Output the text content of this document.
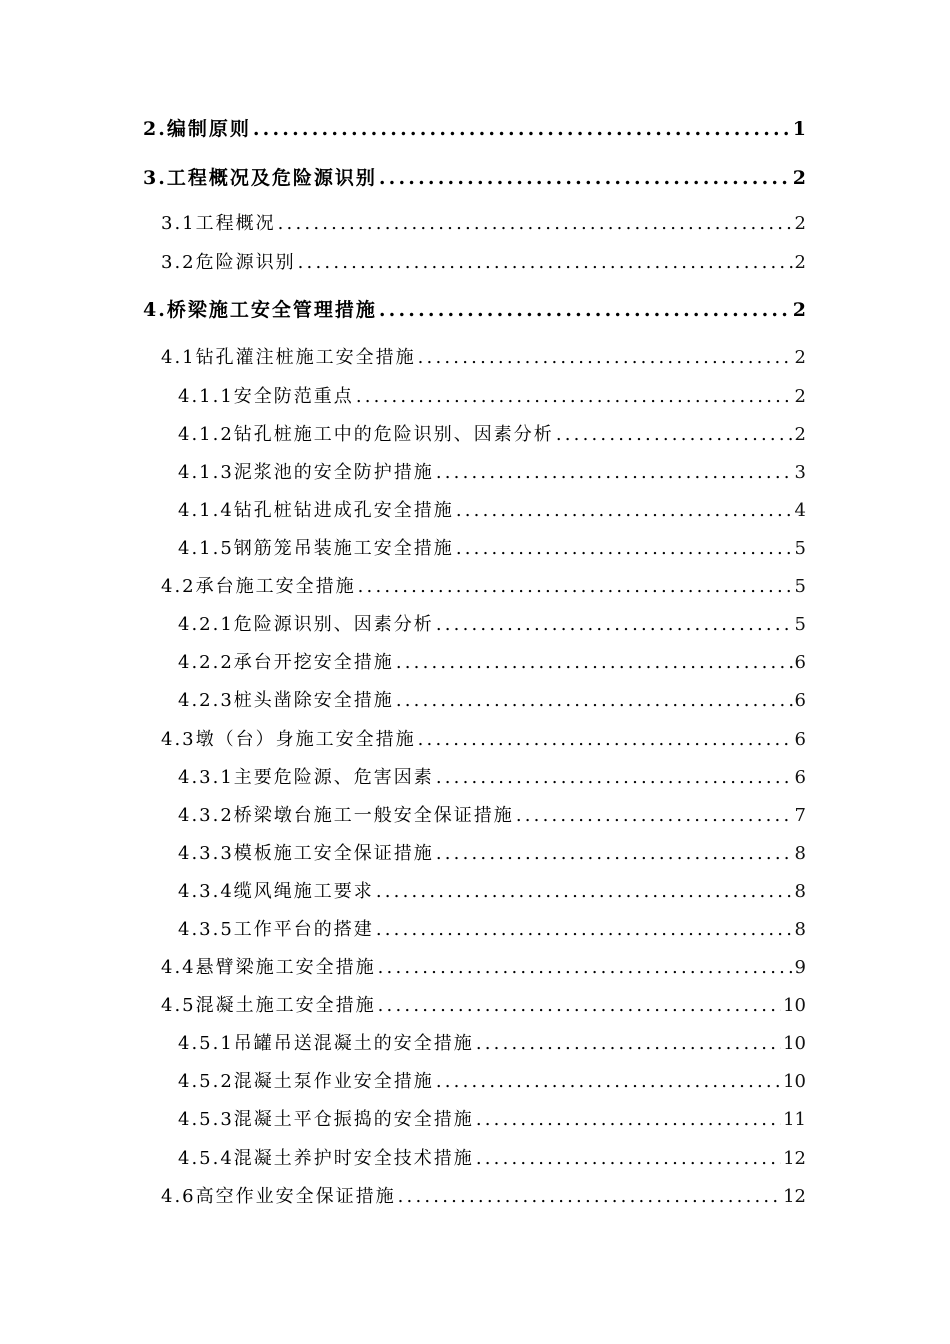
2.编制原则 .....	1
3.工程概况及危险源识别 .....	2
3.1工程概况 .....	2
3.2危险源识别 .....	2
4.桥梁施工安全管理措施 .....	2
4.1钻孔灌注桩施工安全措施 .....	2
4.1.1安全防范重点 .....	2
4.1.2钻孔桩施工中的危险识别、因素分析 .....	2
4.1.3泥浆池的安全防护措施 .....	3
4.1.4钻孔桩钻进成孔安全措施 .....	4
4.1.5钢筋笼吊装施工安全措施 .....	5
4.2承台施工安全措施 .....	5
4.2.1危险源识别、因素分析 .....	5
4.2.2承台开挖安全措施 .....	6
4.2.3桩头凿除安全措施 .....	6
4.3墩（台）身施工安全措施 .....	6
4.3.1主要危险源、危害因素 .....	6
4.3.2桥梁墩台施工一般安全保证措施 .....	7
4.3.3模板施工安全保证措施 .....	8
4.3.4缆风绳施工要求 .....	8
4.3.5工作平台的搭建 .....	8
4.4悬臂梁施工安全措施 .....	9
4.5混凝土施工安全措施 .....	10
4.5.1吊罐吊送混凝土的安全措施 .....	10
4.5.2混凝土泵作业安全措施 .....	10
4.5.3混凝土平仓振捣的安全措施 .....	11
4.5.4混凝土养护时安全技术措施 .....	12
4.6高空作业安全保证措施 .....	12
